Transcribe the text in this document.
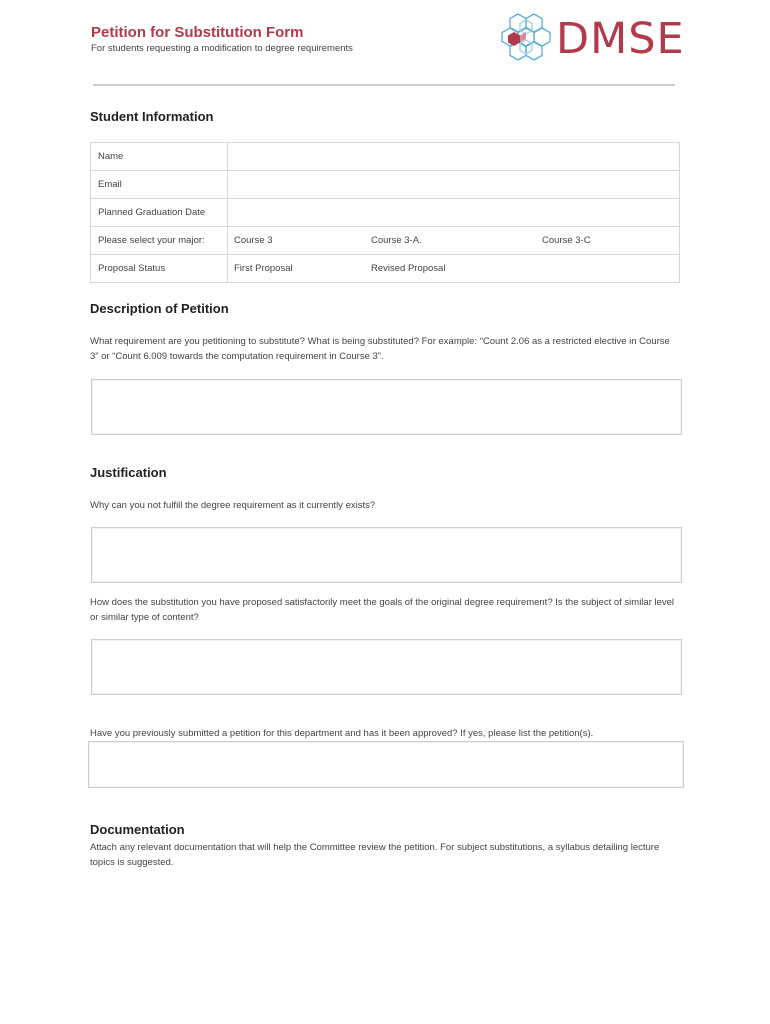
Petition for Substitution Form
For students requesting a modification to degree requirements	DMSE
Student Information
Name	
Email	
Planned Graduation Date	
Please select your major:	Course 3 Course 3-A. Course 3-C
Proposal Status	First Proposal Revised Proposal
Description of Petition
What requirement are you petitioning to substitute? What is being substituted? For example: “Count 2.06 as a restricted elective in Course 3” or “Count 6.009 towards the computation requirement in Course 3”.
Justification
Why can you not fulfill the degree requirement as it currently exists?
How does the substitution you have proposed satisfactorily meet the goals of the original degree requirement? Is the subject of similar level or similar type of content?
Have you previously submitted a petition for this department and has it been approved? If yes, please list the petition(s).
Documentation
Attach any relevant documentation that will help the Committee review the petition. For subject substitutions, a syllabus detailing lecture topics is suggested.
